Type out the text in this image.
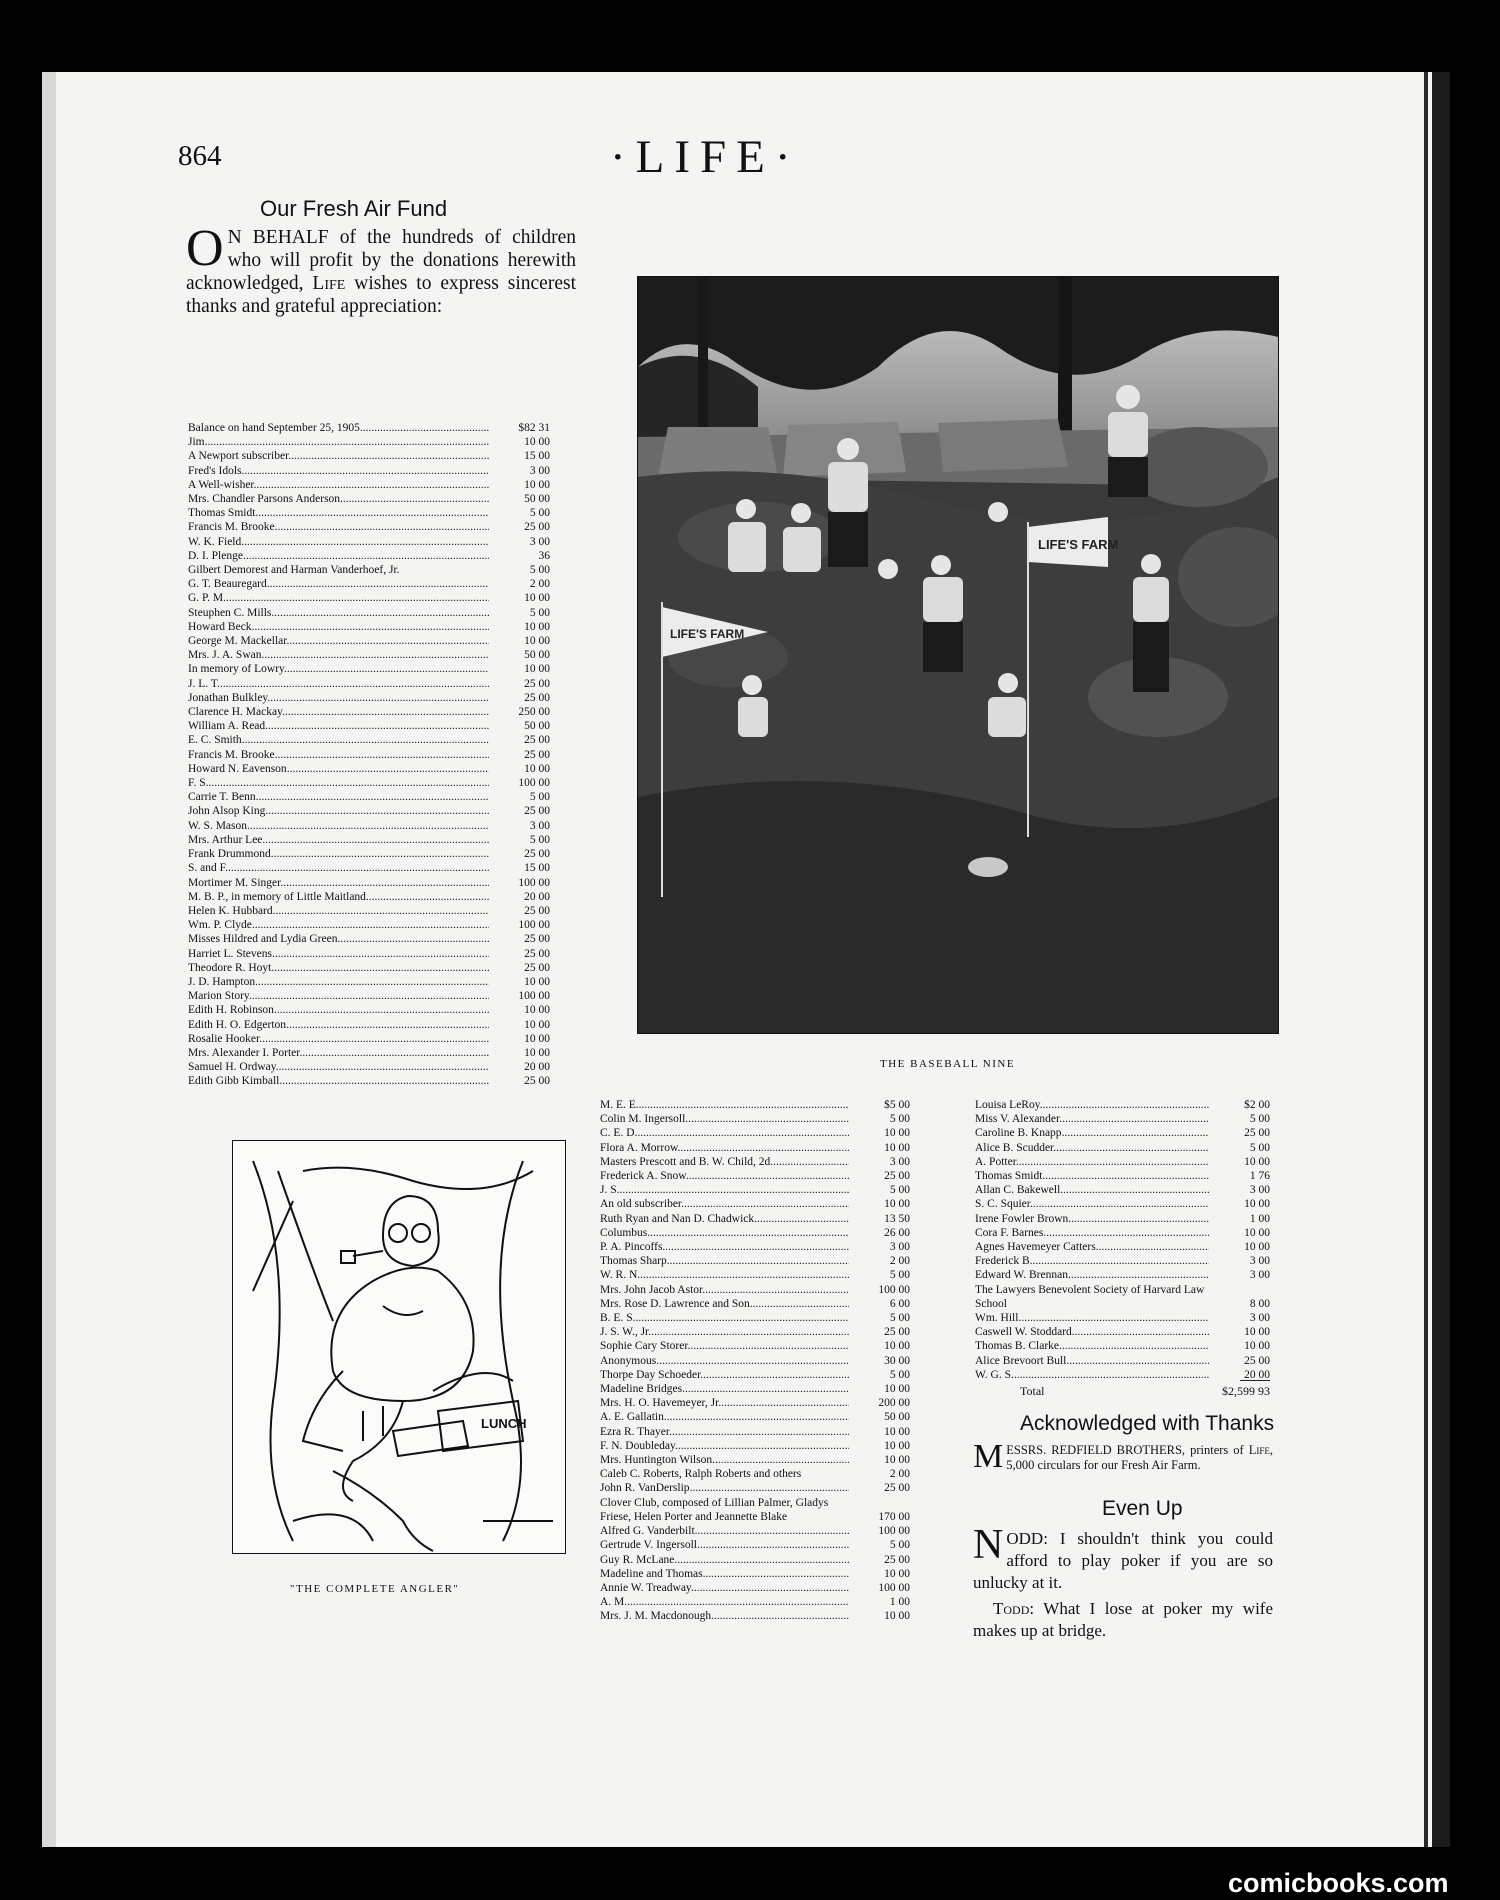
864	·LIFE·
Our Fresh Air Fund
O N BEHALF of the hundreds of children who will profit by the donations herewith acknowledged, Life wishes to express sincerest thanks and grateful appreciation:
Balance on hand September 25, 1905 .....	$82 31
Jim .....	10 00
A Newport subscriber .....	15 00
Fred's Idols .....	3 00
A Well-wisher .....	10 00
Mrs. Chandler Parsons Anderson .....	50 00
Thomas Smidt .....	5 00
Francis M. Brooke .....	25 00
W. K. Field .....	3 00
D. I. Plenge .....	36
Gilbert Demorest and Harman Vanderhoef, Jr.	5 00
G. T. Beauregard .....	2 00
G. P. M. .....	10 00
Steuphen C. Mills .....	5 00
Howard Beck .....	10 00
George M. Mackellar .....	10 00
Mrs. J. A. Swan .....	50 00
In memory of Lowry .....	10 00
J. L. T. .....	25 00
Jonathan Bulkley .....	25 00
Clarence H. Mackay .....	250 00
William A. Read .....	50 00
E. C. Smith .....	25 00
Francis M. Brooke .....	25 00
Howard N. Eavenson .....	10 00
F. S. .....	100 00
Carrie T. Benn .....	5 00
John Alsop King .....	25 00
W. S. Mason .....	3 00
Mrs. Arthur Lee .....	5 00
Frank Drummond .....	25 00
S. and F. .....	15 00
Mortimer M. Singer .....	100 00
M. B. P., in memory of Little Maitland .....	20 00
Helen K. Hubbard .....	25 00
Wm. P. Clyde .....	100 00
Misses Hildred and Lydia Green .....	25 00
Harriet L. Stevens .....	25 00
Theodore R. Hoyt .....	25 00
J. D. Hampton .....	10 00
Marion Story .....	100 00
Edith H. Robinson .....	10 00
Edith H. O. Edgerton .....	10 00
Rosalie Hooker .....	10 00
Mrs. Alexander I. Porter .....	10 00
Samuel H. Ordway .....	20 00
Edith Gibb Kimball .....	25 00
LIFE'S FARM
LIFE'S FARM
THE BASEBALL NINE
LUNCH
"THE COMPLETE ANGLER"
M. E. E. .....	$5 00
Colin M. Ingersoll .....	5 00
C. E. D. .....	10 00
Flora A. Morrow .....	10 00
Masters Prescott and B. W. Child, 2d .....	3 00
Frederick A. Snow .....	25 00
J. S. .....	5 00
An old subscriber .....	10 00
Ruth Ryan and Nan D. Chadwick .....	13 50
Columbus .....	26 00
P. A. Pincoffs .....	3 00
Thomas Sharp .....	2 00
W. R. N. .....	5 00
Mrs. John Jacob Astor .....	100 00
Mrs. Rose D. Lawrence and Son .....	6 00
B. E. S. .....	5 00
J. S. W., Jr. .....	25 00
Sophie Cary Storer .....	10 00
Anonymous .....	30 00
Thorpe Day Schoeder .....	5 00
Madeline Bridges .....	10 00
Mrs. H. O. Havemeyer, Jr. .....	200 00
A. E. Gallatin .....	50 00
Ezra R. Thayer .....	10 00
F. N. Doubleday .....	10 00
Mrs. Huntington Wilson .....	10 00
Caleb C. Roberts, Ralph Roberts and others	2 00
John R. VanDerslip .....	25 00
Clover Club, composed of Lillian Palmer, Gladys Friese, Helen Porter and Jeannette Blake	170 00
Alfred G. Vanderbilt .....	100 00
Gertrude V. Ingersoll .....	5 00
Guy R. McLane .....	25 00
Madeline and Thomas .....	10 00
Annie W. Treadway .....	100 00
A. M. .....	1 00
Mrs. J. M. Macdonough .....	10 00
Louisa LeRoy .....	$2 00
Miss V. Alexander .....	5 00
Caroline B. Knapp .....	25 00
Alice B. Scudder .....	5 00
A. Potter .....	10 00
Thomas Smidt .....	1 76
Allan C. Bakewell .....	3 00
S. C. Squier .....	10 00
Irene Fowler Brown .....	1 00
Cora F. Barnes .....	10 00
Agnes Havemeyer Catters .....	10 00
Frederick B. .....	3 00
Edward W. Brennan .....	3 00
The Lawyers Benevolent Society of Harvard Law School	8 00
Wm. Hill .....	3 00
Caswell W. Stoddard .....	10 00
Thomas B. Clarke .....	10 00
Alice Brevoort Bull .....	25 00
W. G. S. .....	20 00
Total	$2,599 93
Acknowledged with Thanks
MESSRS. REDFIELD BROTHERS, printers of Life, 5,000 circulars for our Fresh Air Farm.
Even Up
NODD: I shouldn't think you could afford to play poker if you are so unlucky at it.
Todd: What I lose at poker my wife makes up at bridge.
comicbooks.com
